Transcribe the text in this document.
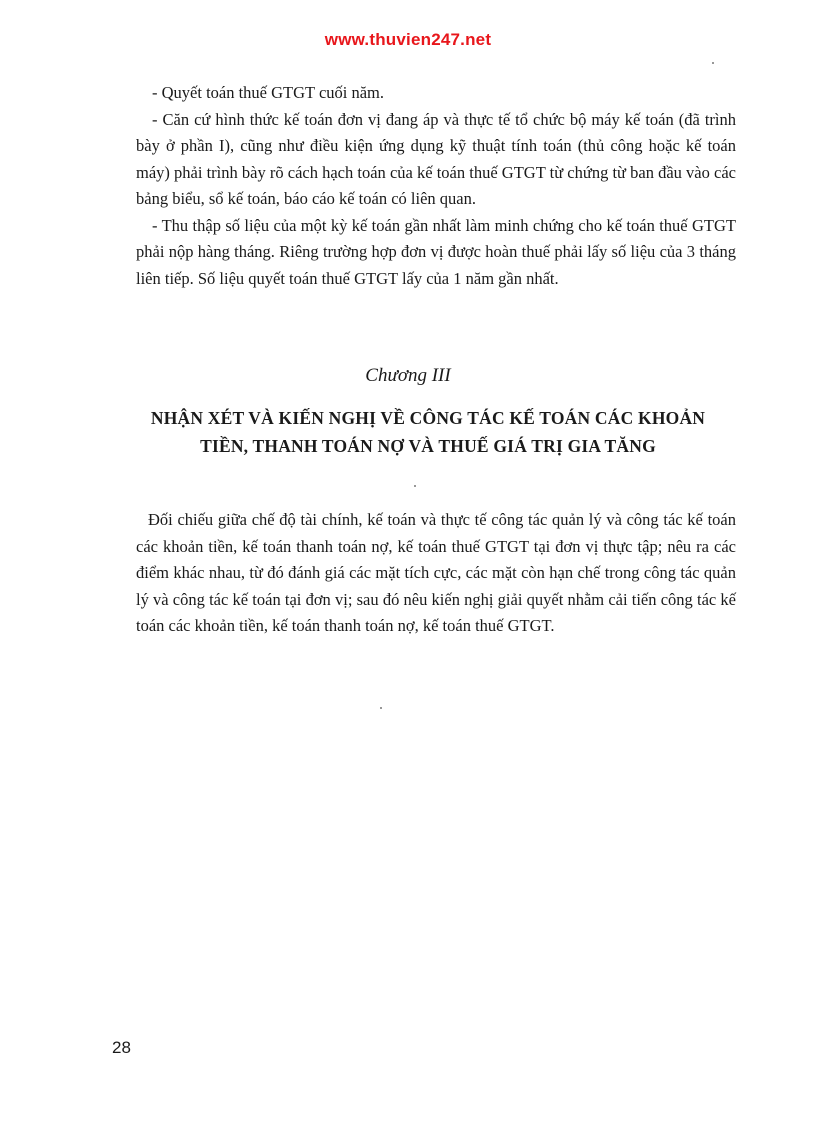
www.thuvien247.net

- Quyết toán thuế GTGT cuối năm.

- Căn cứ hình thức kế toán đơn vị đang áp và thực tế tổ chức bộ máy kế toán (đã trình bày ở phần I), cũng như điều kiện ứng dụng kỹ thuật tính toán (thủ công hoặc kế toán máy) phải trình bày rõ cách hạch toán của kế toán thuế GTGT từ chứng từ ban đầu vào các bảng biểu, sổ kế toán, báo cáo kế toán có liên quan.

- Thu thập số liệu của một kỳ kế toán gần nhất làm minh chứng cho kế toán thuế GTGT phải nộp hàng tháng. Riêng trường hợp đơn vị được hoàn thuế phải lấy số liệu của 3 tháng liên tiếp. Số liệu quyết toán thuế GTGT lấy của 1 năm gần nhất.

Chương III
NHẬN XÉT VÀ KIẾN NGHỊ VỀ CÔNG TÁC KẾ TOÁN CÁC KHOẢN
TIỀN, THANH TOÁN NỢ VÀ THUẾ GIÁ TRỊ GIA TĂNG

Đối chiếu giữa chế độ tài chính, kế toán và thực tế công tác quản lý và công tác kế toán các khoản tiền, kế toán thanh toán nợ, kế toán thuế GTGT tại đơn vị thực tập; nêu ra các điểm khác nhau, từ đó đánh giá các mặt tích cực, các mặt còn hạn chế trong công tác quản lý và công tác kế toán tại đơn vị; sau đó nêu kiến nghị giải quyết nhằm cải tiến công tác kế toán các khoản tiền, kế toán thanh toán nợ, kế toán thuế GTGT.

28
